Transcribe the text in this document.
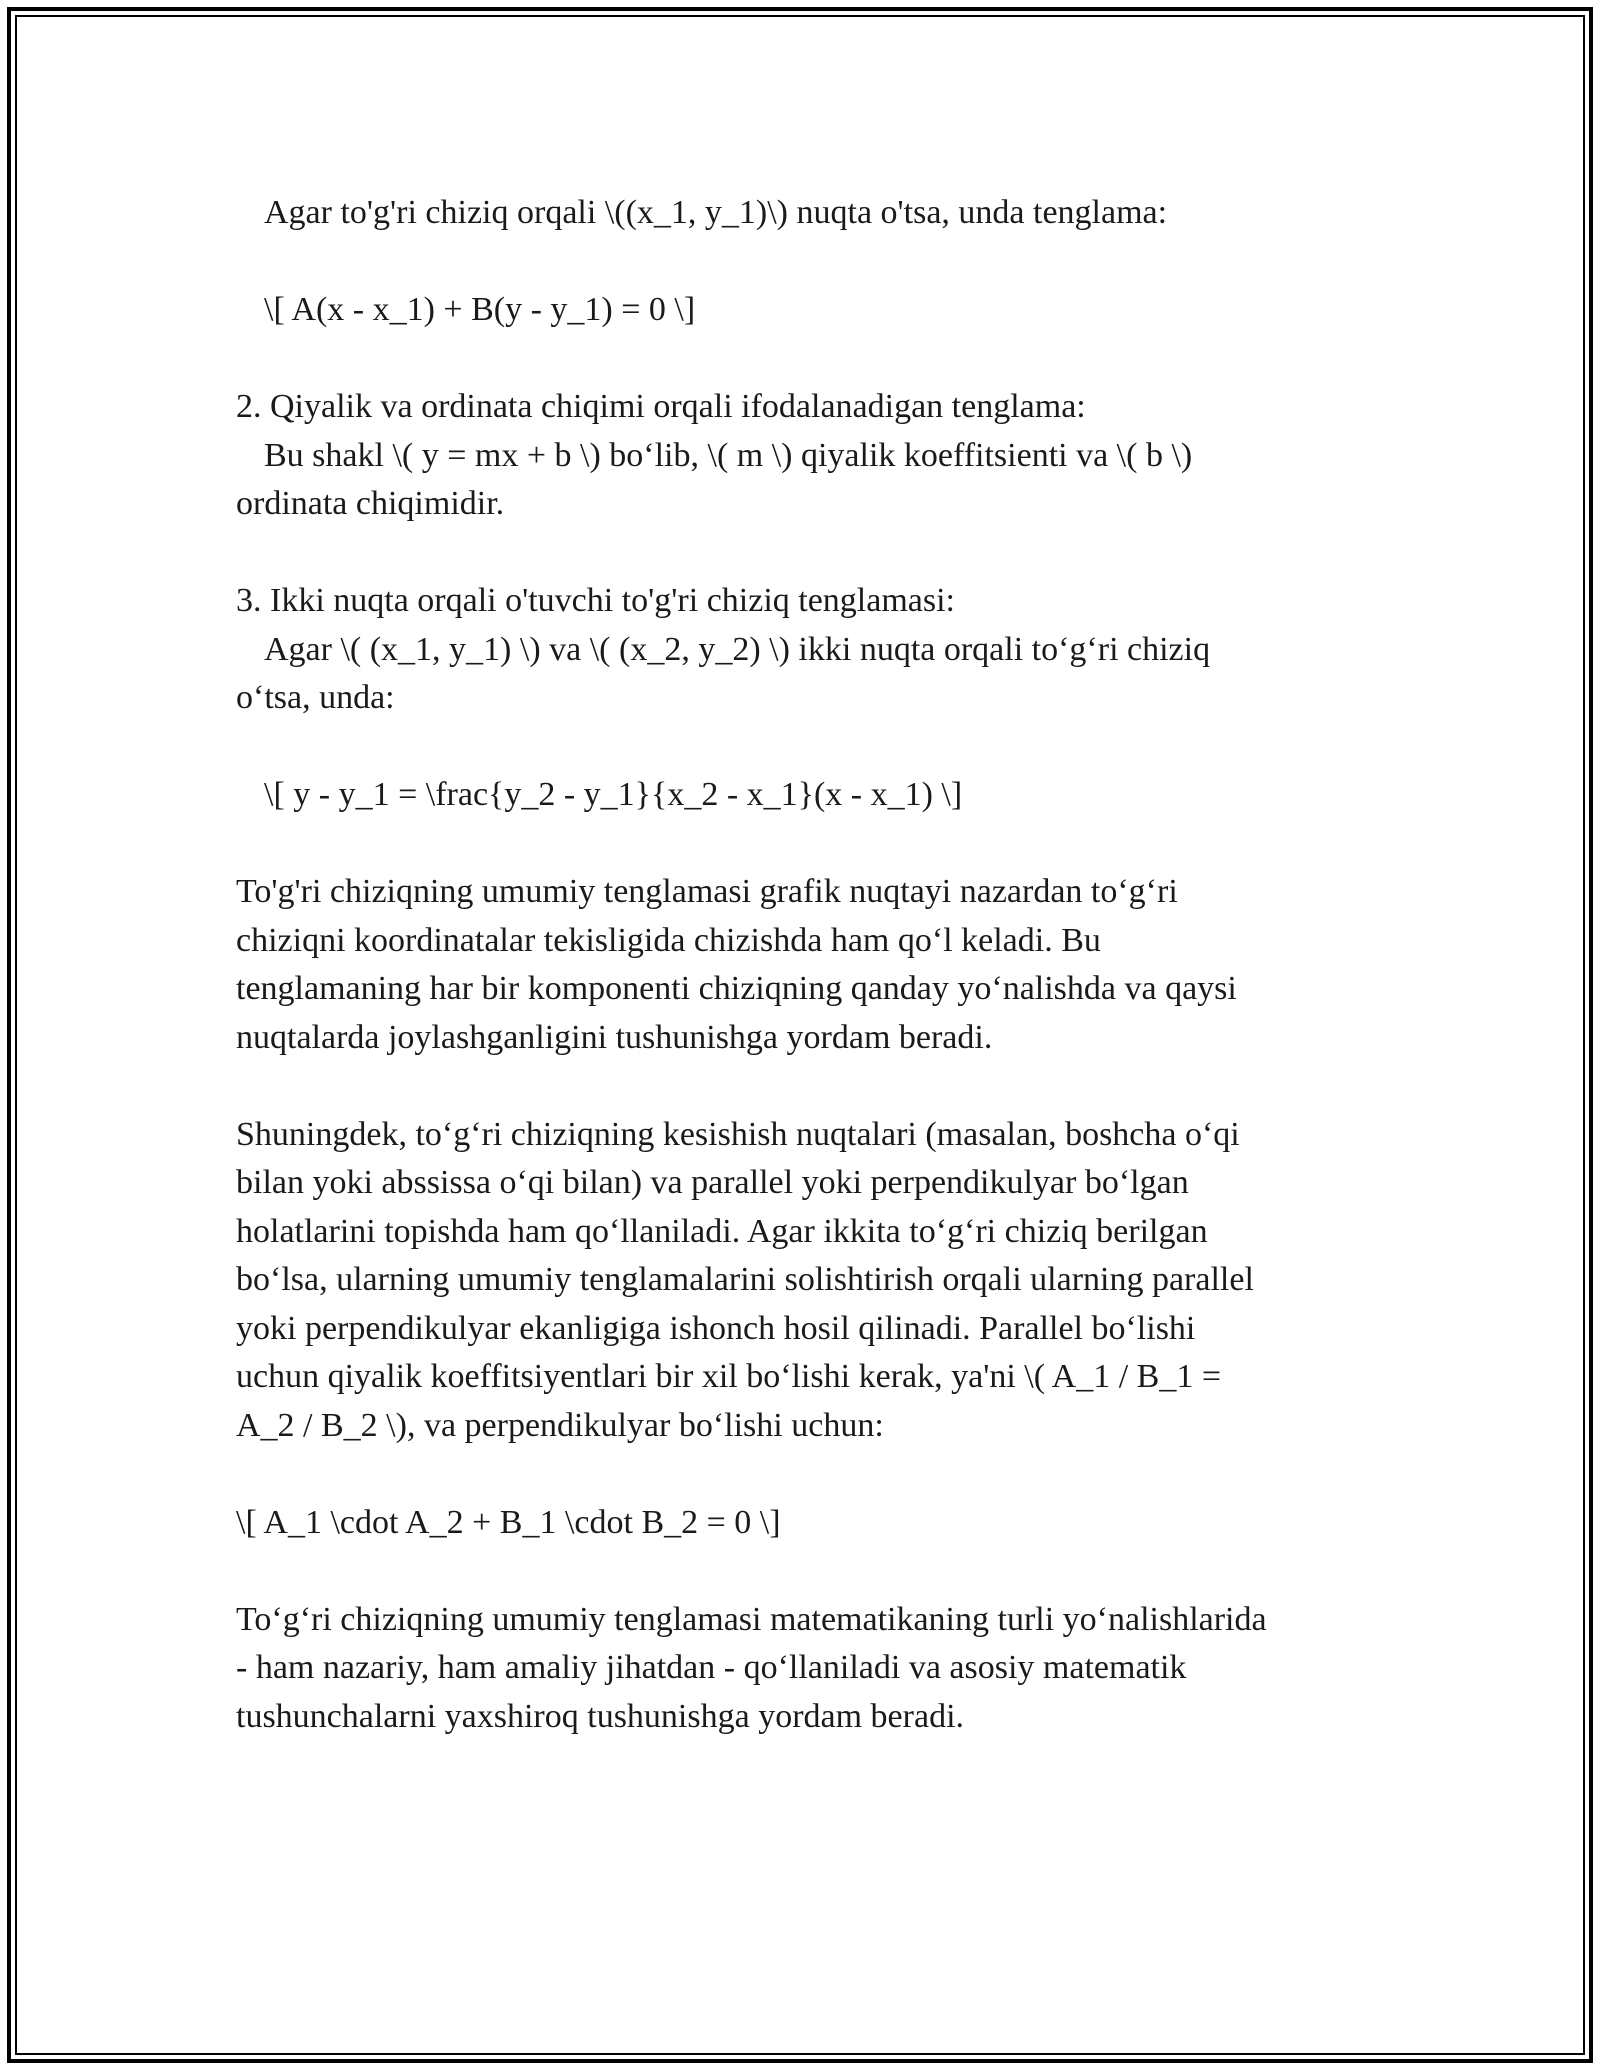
Agar to'g'ri chiziq orqali \((x_1, y_1)\) nuqta o'tsa, unda tenglama:
\[ A(x - x_1) + B(y - y_1) = 0 \]
2. Qiyalik va ordinata chiqimi orqali ifodalanadigan tenglama:
Bu shakl \( y = mx + b \) bo‘lib, \( m \) qiyalik koeffitsienti va \( b \)
ordinata chiqimidir.
3. Ikki nuqta orqali o'tuvchi to'g'ri chiziq tenglamasi:
Agar \( (x_1, y_1) \) va \( (x_2, y_2) \) ikki nuqta orqali to‘g‘ri chiziq
o‘tsa, unda:
\[ y - y_1 = \frac{y_2 - y_1}{x_2 - x_1}(x - x_1) \]
To'g'ri chiziqning umumiy tenglamasi grafik nuqtayi nazardan to‘g‘ri
chiziqni koordinatalar tekisligida chizishda ham qo‘l keladi. Bu
tenglamaning har bir komponenti chiziqning qanday yo‘nalishda va qaysi
nuqtalarda joylashganligini tushunishga yordam beradi.
Shuningdek, to‘g‘ri chiziqning kesishish nuqtalari (masalan, boshcha o‘qi
bilan yoki abssissa o‘qi bilan) va parallel yoki perpendikulyar bo‘lgan
holatlarini topishda ham qo‘llaniladi. Agar ikkita to‘g‘ri chiziq berilgan
bo‘lsa, ularning umumiy tenglamalarini solishtirish orqali ularning parallel
yoki perpendikulyar ekanligiga ishonch hosil qilinadi. Parallel bo‘lishi
uchun qiyalik koeffitsiyentlari bir xil bo‘lishi kerak, ya'ni \( A_1 / B_1 =
A_2 / B_2 \), va perpendikulyar bo‘lishi uchun:
\[ A_1 \cdot A_2 + B_1 \cdot B_2 = 0 \]
To‘g‘ri chiziqning umumiy tenglamasi matematikaning turli yo‘nalishlarida
- ham nazariy, ham amaliy jihatdan - qo‘llaniladi va asosiy matematik
tushunchalarni yaxshiroq tushunishga yordam beradi.
